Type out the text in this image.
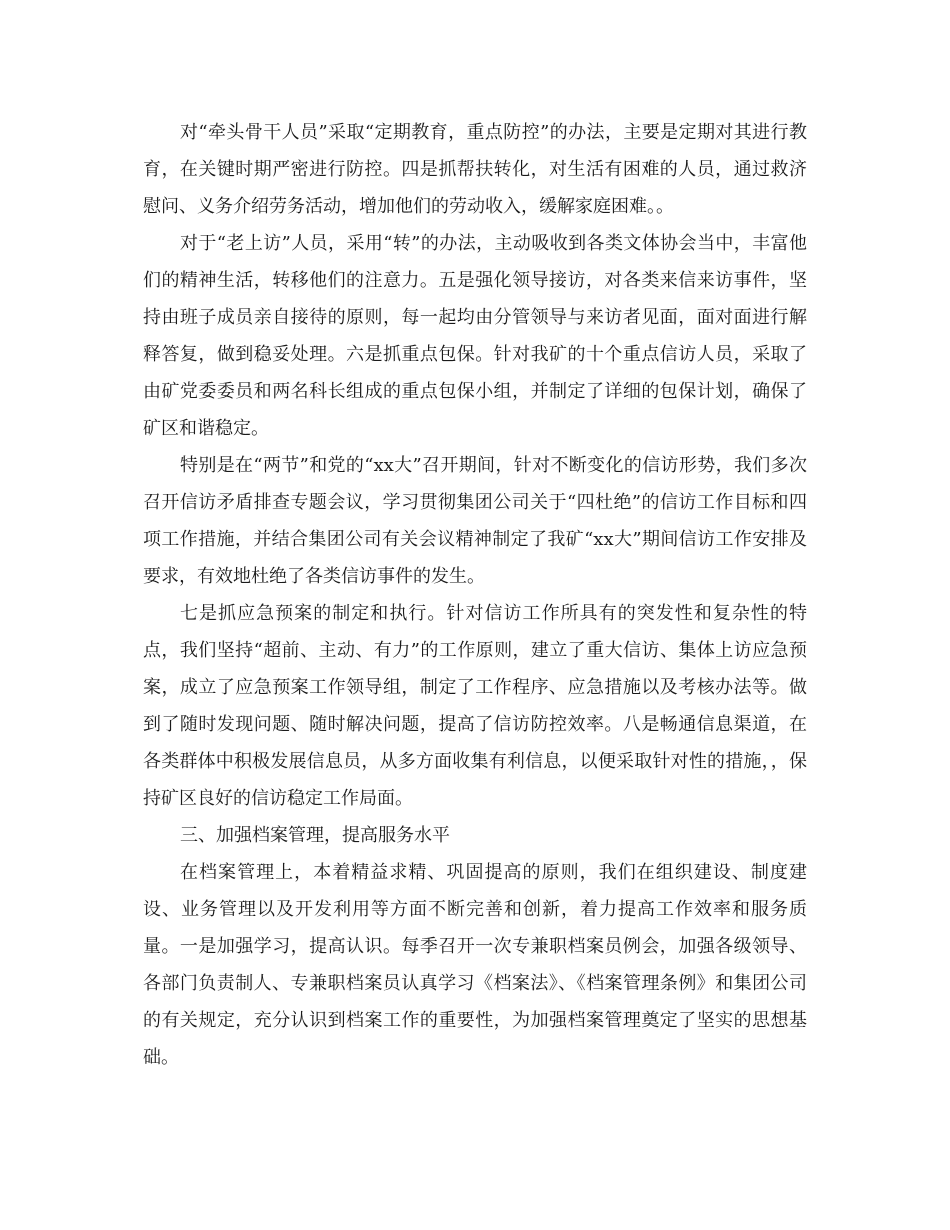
对“牵头骨干人员”采取“定期教育，重点防控”的办法，主要是定期对其进行教育，在关键时期严密进行防控。四是抓帮扶转化，对生活有困难的人员，通过救济慰问、义务介绍劳务活动，增加他们的劳动收入，缓解家庭困难。。

对于“老上访”人员，采用“转”的办法，主动吸收到各类文体协会当中，丰富他们的精神生活，转移他们的注意力。五是强化领导接访，对各类来信来访事件，坚持由班子成员亲自接待的原则，每一起均由分管领导与来访者见面，面对面进行解释答复，做到稳妥处理。六是抓重点包保。针对我矿的十个重点信访人员，采取了由矿党委委员和两名科长组成的重点包保小组，并制定了详细的包保计划，确保了矿区和谐稳定。

特别是在“两节”和党的“xx大”召开期间，针对不断变化的信访形势，我们多次召开信访矛盾排查专题会议，学习贯彻集团公司关于“四杜绝”的信访工作目标和四项工作措施，并结合集团公司有关会议精神制定了我矿“xx大”期间信访工作安排及要求，有效地杜绝了各类信访事件的发生。

七是抓应急预案的制定和执行。针对信访工作所具有的突发性和复杂性的特点，我们坚持“超前、主动、有力”的工作原则，建立了重大信访、集体上访应急预案，成立了应急预案工作领导组，制定了工作程序、应急措施以及考核办法等。做到了随时发现问题、随时解决问题，提高了信访防控效率。八是畅通信息渠道，在各类群体中积极发展信息员，从多方面收集有利信息，以便采取针对性的措施，，保持矿区良好的信访稳定工作局面。

三、加强档案管理，提高服务水平

在档案管理上，本着精益求精、巩固提高的原则，我们在组织建设、制度建设、业务管理以及开发利用等方面不断完善和创新，着力提高工作效率和服务质量。一是加强学习，提高认识。每季召开一次专兼职档案员例会，加强各级领导、各部门负责制人、专兼职档案员认真学习《档案法》、《档案管理条例》和集团公司的有关规定，充分认识到档案工作的重要性，为加强档案管理奠定了坚实的思想基础。
